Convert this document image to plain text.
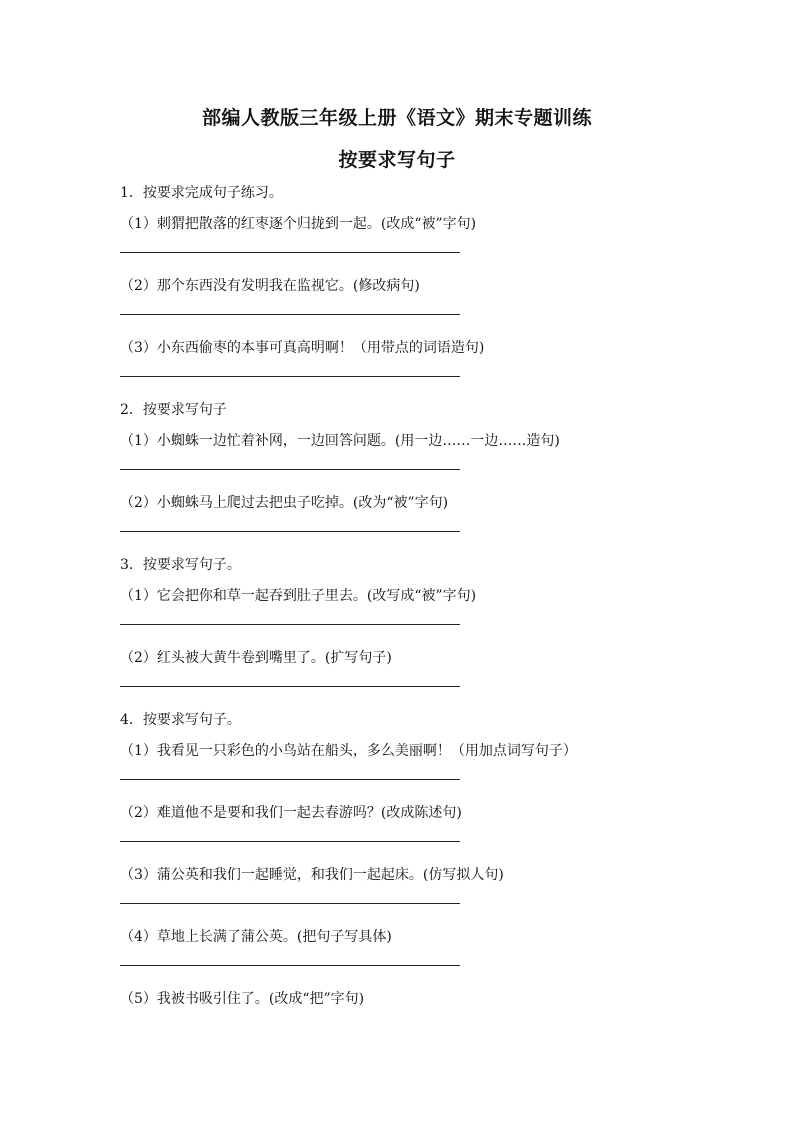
部编人教版三年级上册《语文》期末专题训练
按要求写句子
1．按要求完成句子练习。
（1）刺猬把散落的红枣逐个归拢到一起。(改成“被”字句)
（2）那个东西没有发明我在监视它。(修改病句)
（3）小东西偷枣的本事可真高明啊！（用带点的词语造句)
2．按要求写句子
（1）小蜘蛛一边忙着补网，一边回答问题。(用一边……一边……造句)
（2）小蜘蛛马上爬过去把虫子吃掉。(改为“被”字句)
3．按要求写句子。
（1）它会把你和草一起吞到肚子里去。(改写成“被”字句)
（2）红头被大黄牛卷到嘴里了。(扩写句子)
4．按要求写句子。
（1）我看见一只彩色的小鸟站在船头，多么美丽啊！（用加点词写句子）
（2）难道他不是要和我们一起去春游吗？(改成陈述句)
（3）蒲公英和我们一起睡觉，和我们一起起床。(仿写拟人句)
（4）草地上长满了蒲公英。(把句子写具体)
（5）我被书吸引住了。(改成“把”字句)
